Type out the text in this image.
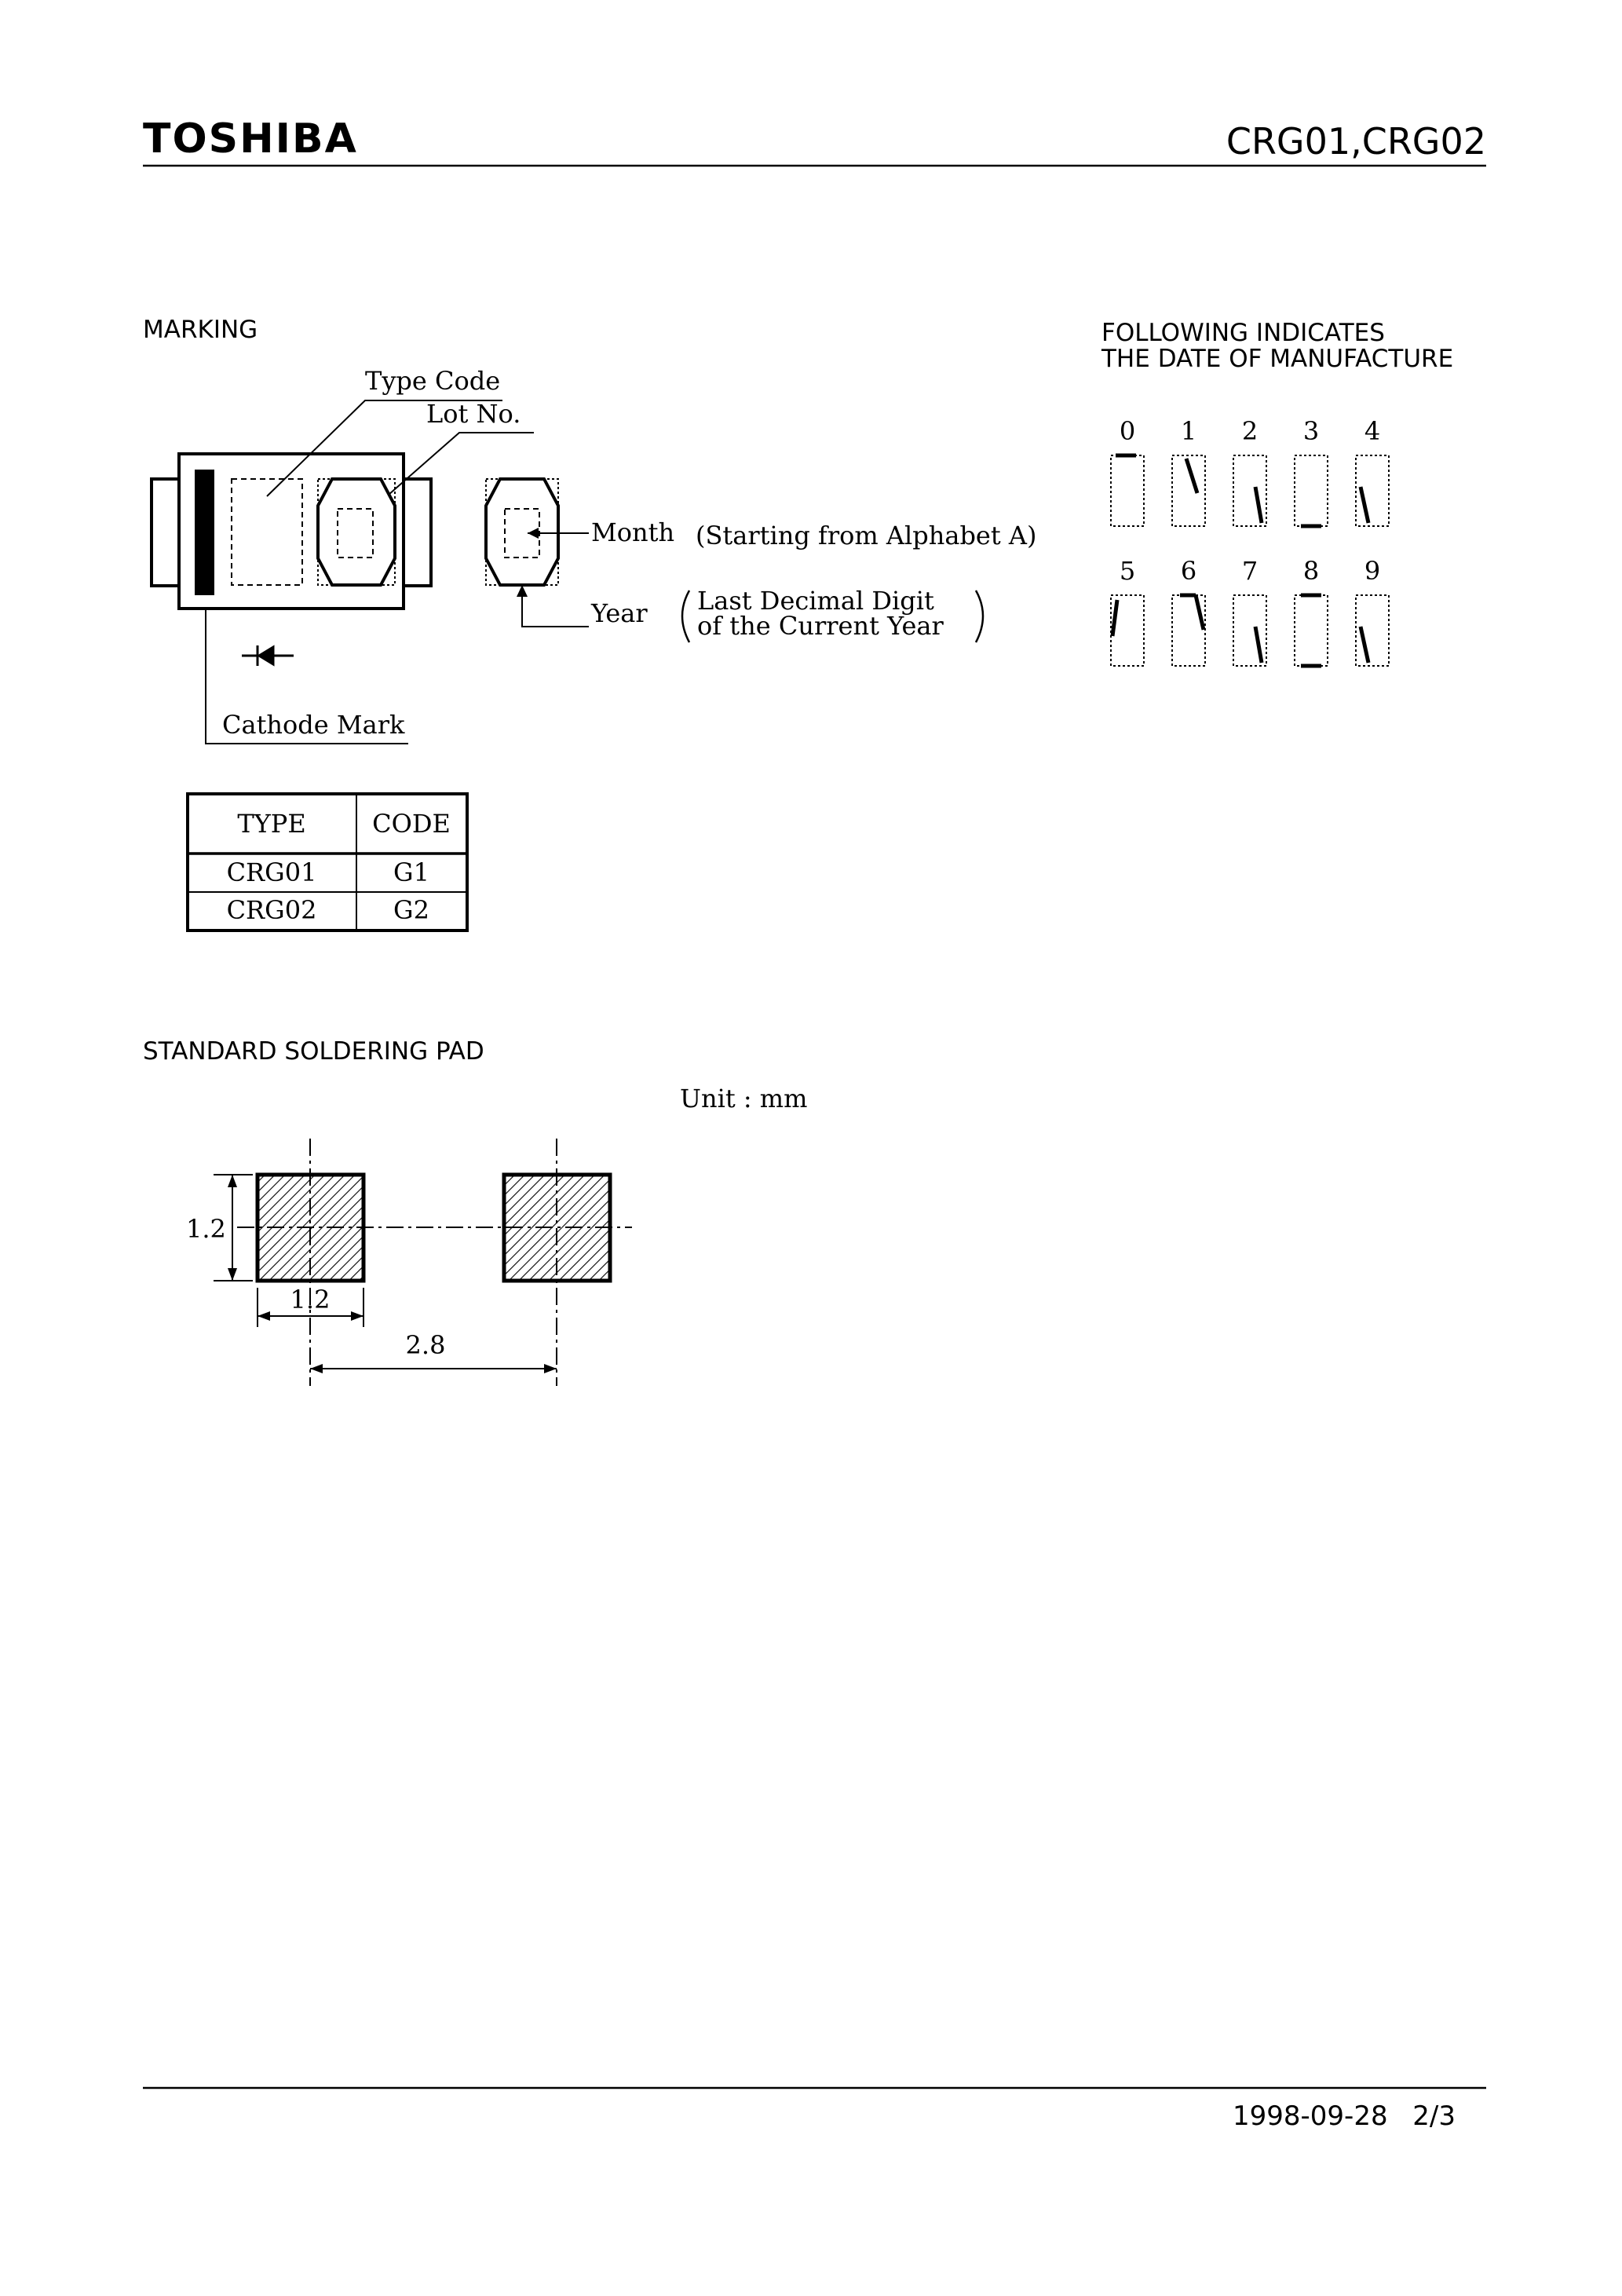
TOSHIBA	CRG01,CRG02
MARKING
Type Code
Lot No.
Cathode Mark
Month (Starting from Alphabet A)
Year Last Decimal Digit
of the Current Year
FOLLOWING INDICATES
THE DATE OF MANUFACTURE
0 1 2 3 4
5 6 7 8 9
TYPE	CODE
CRG01	G1
CRG02	G2
STANDARD SOLDERING PAD
Unit : mm
1.2
1.2
2.8
1998-09-28 2/3
